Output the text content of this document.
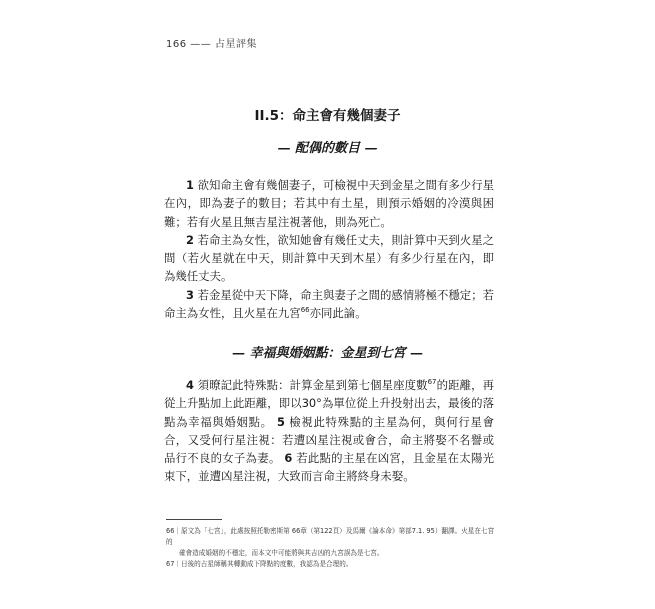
166 —— 占星評集
II.5：命主會有幾個妻子
— 配偶的數目 —

1 欲知命主會有幾個妻子，可檢視中天到金星之間有多少行星在內，即為妻子的數目；若其中有土星，則預示婚姻的冷漠與困難；若有火星且無吉星注視著他，則為死亡。

2 若命主為女性，欲知她會有幾任丈夫，則計算中天到火星之間（若火星就在中天，則計算中天到木星）有多少行星在內，即為幾任丈夫。

3 若金星從中天下降，命主與妻子之間的感情將極不穩定；若命主為女性，且火星在九宮$^{66}$亦同此論。

— 幸福與婚姻點：金星到七宮 —

4 須暸記此特殊點：計算金星到第七個星座度數$^{67}$的距離，再從上升點加上此距離，即以30°為單位從上升投射出去，最後的落點為幸福與婚姻點。 5 檢視此特殊點的主星為何，與何行星會合，又受何行星注視：若遭凶星注視或會合，命主將娶不名譽或品行不良的女子為妻。 6 若此點的主星在凶宮，且金星在太陽光束下，並遭凶星注視，大致而言命主將終身未娶。

66｜原文為「七宮」，此處按照托勒密斯第 66章（第122頁）及馬爾《論本命》第部7.1. 95）翻譯。火星在七宮的

確會造成婚姻的不穩定，而本文中可能將與其吉凶的九宮誤為是七宮。

67｜日後的占星師稱其轉動成下降點的度數，我認為是合理的。
